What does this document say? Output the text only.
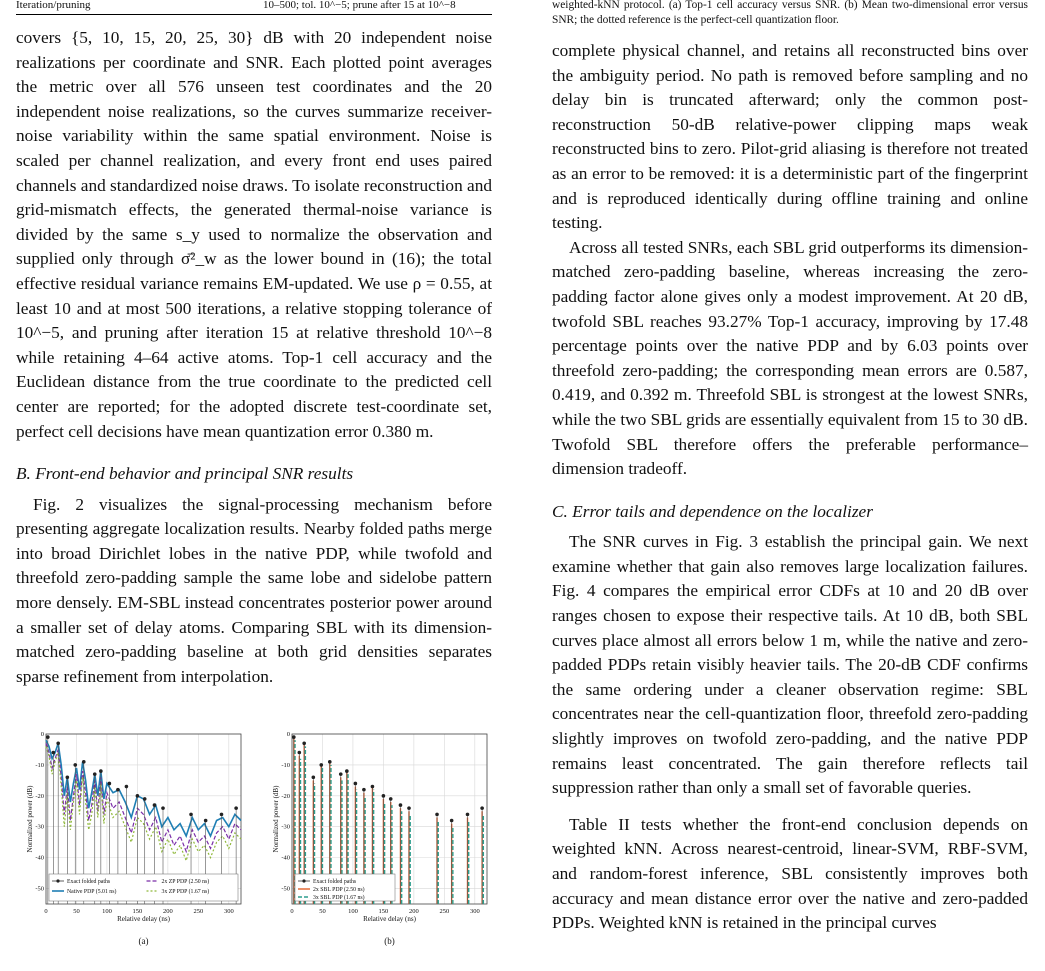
Iteration/pruning	10–500; tol. 10^−5; prune after 15 at 10^−8

covers {5, 10, 15, 20, 25, 30} dB with 20 independent noise realizations per coordinate and SNR. Each plotted point averages the metric over all 576 unseen test coordinates and the 20 independent noise realizations, so the curves summarize receiver-noise variability within the same spatial environment. Noise is scaled per channel realization, and every front end uses paired channels and standardized noise draws. To isolate reconstruction and grid-mismatch effects, the generated thermal-noise variance is divided by the same s_y used to normalize the observation and supplied only through σ̄²_w as the lower bound in (16); the total effective residual variance remains EM-updated. We use ρ = 0.55, at least 10 and at most 500 iterations, a relative stopping tolerance of 10^−5, and pruning after iteration 15 at relative threshold 10^−8 while retaining 4–64 active atoms. Top-1 cell accuracy and the Euclidean distance from the true coordinate to the predicted cell center are reported; for the adopted discrete test-coordinate set, perfect cell decisions have mean quantization error 0.380 m.

B. Front-end behavior and principal SNR results

Fig. 2 visualizes the signal-processing mechanism before presenting aggregate localization results. Nearby folded paths merge into broad Dirichlet lobes in the native PDP, while twofold and threefold zero-padding sample the same lobe and sidelobe pattern more densely. EM-SBL instead concentrates posterior power around a smaller set of delay atoms. Comparing SBL with its dimension-matched zero-padding baseline at both grid densities separates sparse refinement from interpolation.

0	50	100	150	200	250	300
0
-10
-20
-30
-40
-50
Exact folded paths
Native PDP (5.01 ns)
2x ZP PDP (2.50 ns)
3x ZP PDP (1.67 ns)
Relative delay (ns)
Normalized power (dB)
(a)
0	50	100	150	200	250	300
0
-10
-20
-30
-40
-50
Exact folded paths
2x SBL PDP (2.50 ns)
3x SBL PDP (1.67 ns)
Relative delay (ns)
Normalized power (dB)
(b)

weighted-kNN protocol. (a) Top-1 cell accuracy versus SNR. (b) Mean two-dimensional error versus SNR; the dotted reference is the perfect-cell quantization floor.

complete physical channel, and retains all reconstructed bins over the ambiguity period. No path is removed before sampling and no delay bin is truncated afterward; only the common post-reconstruction 50-dB relative-power clipping maps weak reconstructed bins to zero. Pilot-grid aliasing is therefore not treated as an error to be removed: it is a deterministic part of the fingerprint and is reproduced identically during offline training and online testing.

Across all tested SNRs, each SBL grid outperforms its dimension-matched zero-padding baseline, whereas increasing the zero-padding factor alone gives only a modest improvement. At 20 dB, twofold SBL reaches 93.27% Top-1 accuracy, improving by 17.48 percentage points over the native PDP and by 6.03 points over threefold zero-padding; the corresponding mean errors are 0.587, 0.419, and 0.392 m. Threefold SBL is strongest at the lowest SNRs, while the two SBL grids are essentially equivalent from 15 to 30 dB. Twofold SBL therefore offers the preferable performance–dimension tradeoff.

C. Error tails and dependence on the localizer

The SNR curves in Fig. 3 establish the principal gain. We next examine whether that gain also removes large localization failures. Fig. 4 compares the empirical error CDFs at 10 and 20 dB over ranges chosen to expose their respective tails. At 10 dB, both SBL curves place almost all errors below 1 m, while the native and zero-padded PDPs retain visibly heavier tails. The 20-dB CDF confirms the same ordering under a cleaner observation regime: SBL concentrates near the cell-quantization floor, threefold zero-padding slightly improves on twofold zero-padding, and the native PDP remains least concentrated. The gain therefore reflects tail suppression rather than only a small set of favorable queries.

Table II tests whether the front-end conclusion depends on weighted kNN. Across nearest-centroid, linear-SVM, RBF-SVM, and random-forest inference, SBL consistently improves both accuracy and mean distance error over the native and zero-padded PDPs. Weighted kNN is retained in the principal curves
